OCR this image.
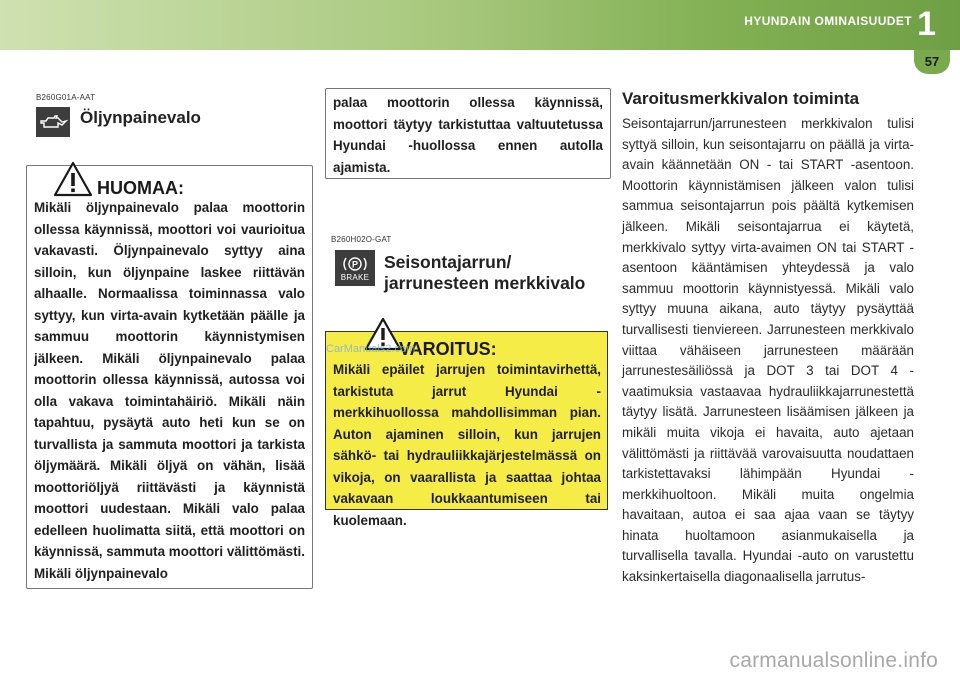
HYUNDAIN OMINAISUUDET 1
57
B260G01A-AAT
Öljynpainevalo
HUOMAA:

Mikäli öljynpainevalo palaa moottorin ollessa käynnissä, moottori voi vaurioitua vakavasti. Öljynpainevalo syttyy aina silloin, kun öljynpaine laskee riittävän alhaalle. Normaalissa toiminnassa valo syttyy, kun virta-avain kytketään päälle ja sammuu moottorin käynnistymisen jälkeen. Mikäli öljynpainevalo palaa moottorin ollessa käynnissä, autossa voi olla vakava toimintahäiriö. Mikäli näin tapahtuu, pysäytä auto heti kun se on turvallista ja sammuta moottori ja tarkista öljymäärä. Mikäli öljyä on vähän, lisää moottoriöljyä riittävästi ja käynnistä moottori uudestaan. Mikäli valo palaa edelleen huolimatta siitä, että moottori on käynnissä, sammuta moottori välittömästi. Mikäli öljynpainevalo

palaa moottorin ollessa käynnissä, moottori täytyy tarkistuttaa valtuutetussa Hyundai -huollossa ennen autolla ajamista.

B260H02O-GAT
P
BRAKE
Seisontajarrun/
jarrunesteen merkkivalo
VAROITUS:
CarManuals2.com

Mikäli epäilet jarrujen toimintavirhettä, tarkistuta jarrut Hyundai -merkkihuollossa mahdollisimman pian. Auton ajaminen silloin, kun jarrujen sähkö- tai hydrauliikkajärjestelmässä on vikoja, on vaarallista ja saattaa johtaa vakavaan loukkaantumiseen tai kuolemaan.

Varoitusmerkkivalon toiminta

Seisontajarrun/jarrunesteen merkkivalon tulisi syttyä silloin, kun seisontajarru on päällä ja virta-avain käännetään ON - tai START -asentoon. Moottorin käynnistämisen jälkeen valon tulisi sammua seisontajarrun pois päältä kytkemisen jälkeen. Mikäli seisontajarrua ei käytetä, merkkivalo syttyy virta-avaimen ON tai START -asentoon kääntämisen yhteydessä ja valo sammuu moottorin käynnistyessä. Mikäli valo syttyy muuna aikana, auto täytyy pysäyttää turvallisesti tienviereen. Jarrunesteen merkkivalo viittaa vähäiseen jarrunesteen määrään jarrunestesäiliössä ja DOT 3 tai DOT 4 -vaatimuksia vastaavaa hydrauliikkajarrunestettä täytyy lisätä. Jarrunesteen lisäämisen jälkeen ja mikäli muita vikoja ei havaita, auto ajetaan välittömästi ja riittävää varovaisuutta noudattaen tarkistettavaksi lähimpään Hyundai -merkkihuoltoon. Mikäli muita ongelmia havaitaan, autoa ei saa ajaa vaan se täytyy hinata huoltamoon asianmukaisella ja turvallisella tavalla. Hyundai -auto on varustettu kaksinkertaisella diagonaalisella jarrutus-

carmanualsonline.info
